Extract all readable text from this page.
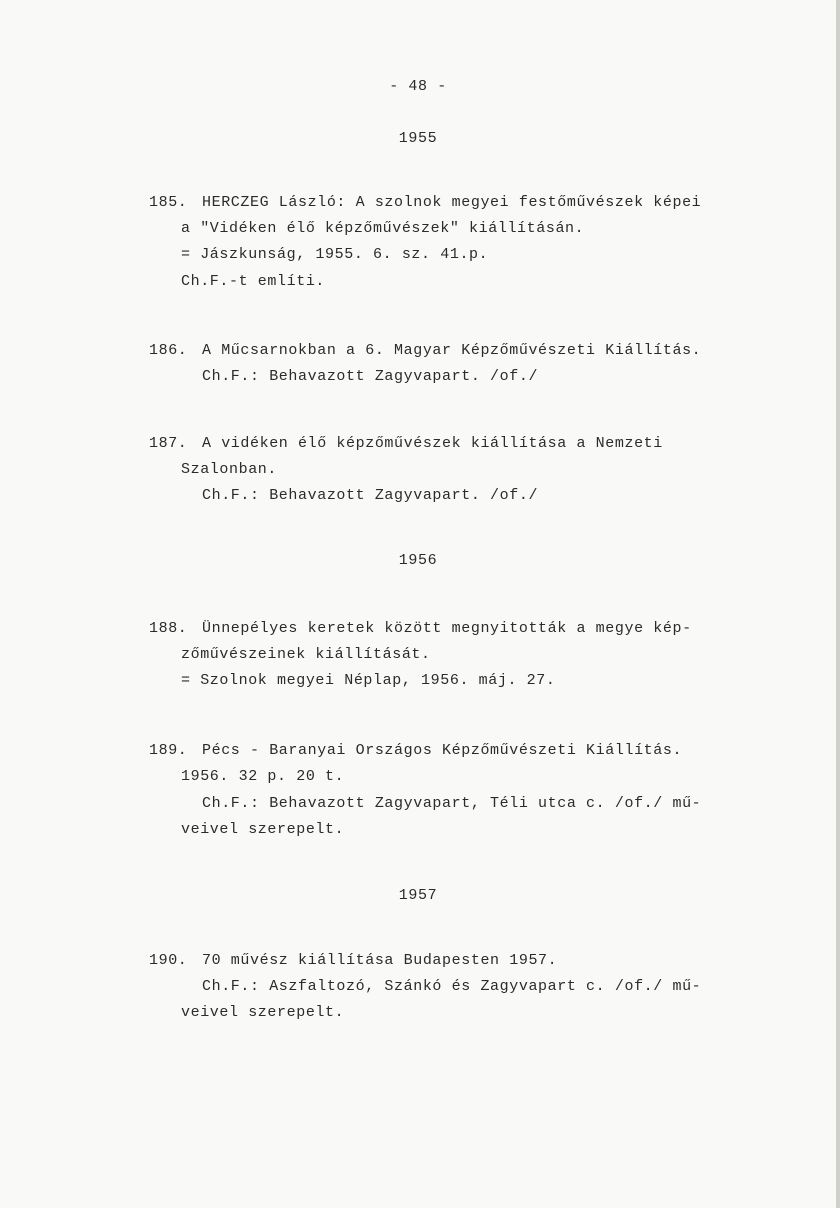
- 48 -
1955
185. HERCZEG László: A szolnok megyei festőművészek képei
a "Vidéken élő képzőművészek" kiállításán.
= Jászkunság, 1955. 6. sz. 41.p.
Ch.F.-t említi.
186. A Műcsarnokban a 6. Magyar Képzőművészeti Kiállítás.
Ch.F.: Behavazott Zagyvapart. /of./
187. A vidéken élő képzőművészek kiállítása a Nemzeti
Szalonban.
Ch.F.: Behavazott Zagyvapart. /of./
1956
188. Ünnepélyes keretek között megnyitották a megye kép-
zőművészeinek kiállítását.
= Szolnok megyei Néplap, 1956. máj. 27.
189. Pécs - Baranyai Országos Képzőművészeti Kiállítás.
1956. 32 p. 20 t.
Ch.F.: Behavazott Zagyvapart, Téli utca c. /of./ mű-
veivel szerepelt.
1957
190. 70 művész kiállítása Budapesten 1957.
Ch.F.: Aszfaltozó, Szánkó és Zagyvapart c. /of./ mű-
veivel szerepelt.
